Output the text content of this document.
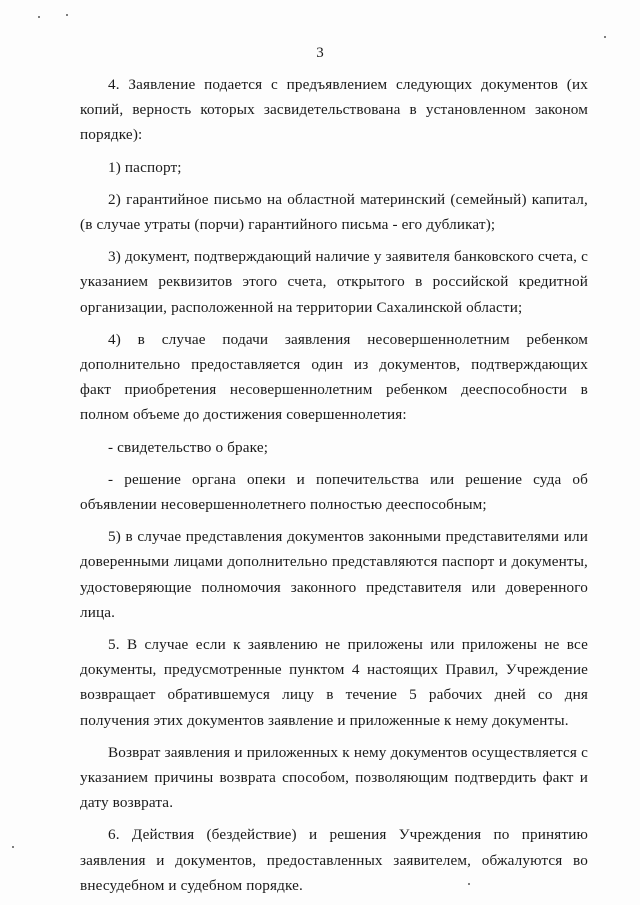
3

4. Заявление подается с предъявлением следующих документов (их копий, верность которых засвидетельствована в установленном законом порядке):

1) паспорт;

2) гарантийное письмо на областной материнский (семейный) капитал, (в случае утраты (порчи) гарантийного письма - его дубликат);

3) документ, подтверждающий наличие у заявителя банковского счета, с указанием реквизитов этого счета, открытого в российской кредитной организации, расположенной на территории Сахалинской области;

4) в случае подачи заявления несовершеннолетним ребенком дополнительно предоставляется один из документов, подтверждающих факт приобретения несовершеннолетним ребенком дееспособности в полном объеме до достижения совершеннолетия:

- свидетельство о браке;

- решение органа опеки и попечительства или решение суда об объявлении несовершеннолетнего полностью дееспособным;

5) в случае представления документов законными представителями или доверенными лицами дополнительно представляются паспорт и документы, удостоверяющие полномочия законного представителя или доверенного лица.

5. В случае если к заявлению не приложены или приложены не все документы, предусмотренные пунктом 4 настоящих Правил, Учреждение возвращает обратившемуся лицу в течение 5 рабочих дней со дня получения этих документов заявление и приложенные к нему документы.

Возврат заявления и приложенных к нему документов осуществляется с указанием причины возврата способом, позволяющим подтвердить факт и дату возврата.

6. Действия (бездействие) и решения Учреждения по принятию заявления и документов, предоставленных заявителем, обжалуются во внесудебном и судебном порядке.
